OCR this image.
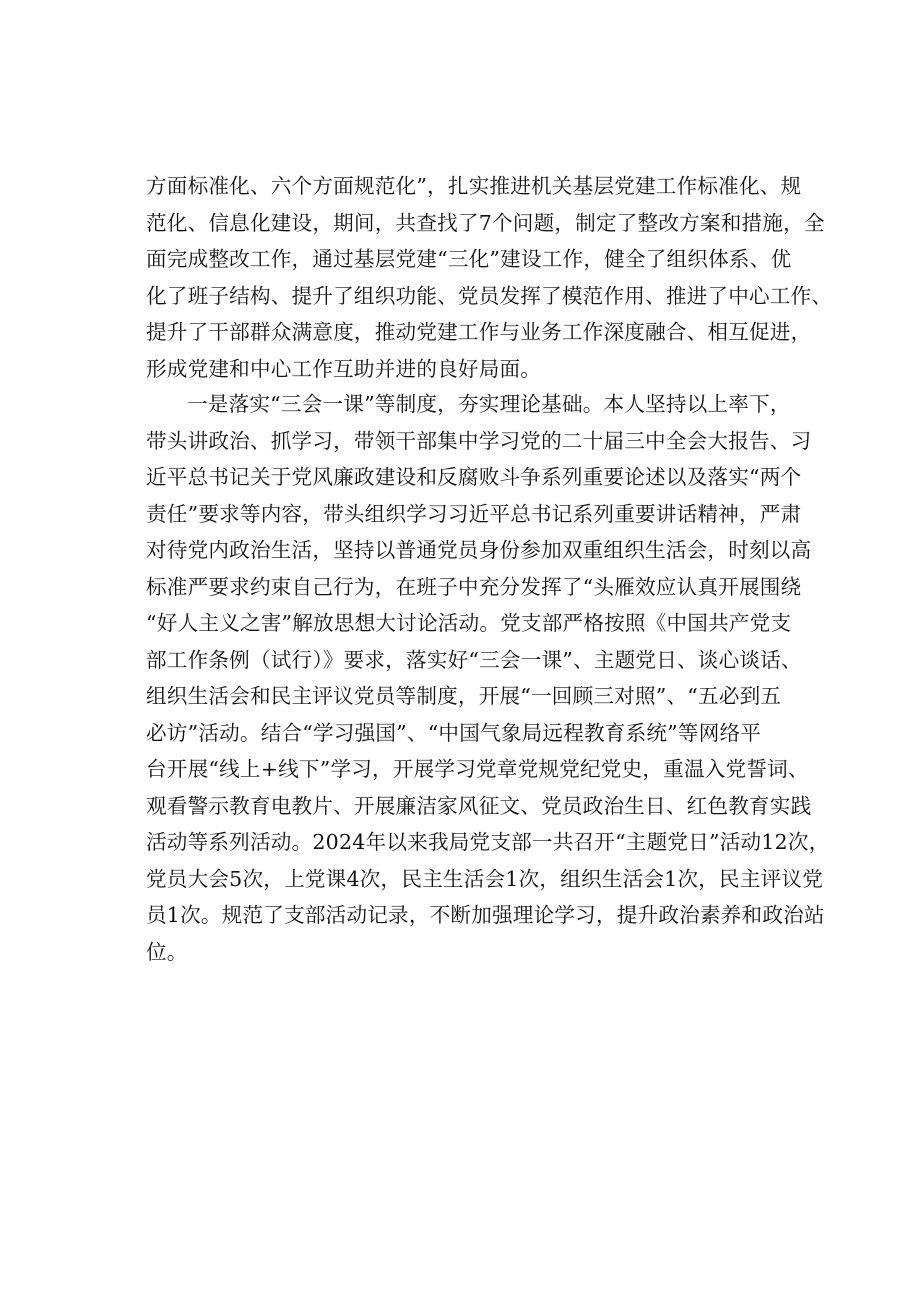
方面标准化、六个方面规范化”，扎实推进机关基层党建工作标准化、规
范化、信息化建设，期间，共查找了7个问题，制定了整改方案和措施，全
面完成整改工作，通过基层党建“三化”建设工作，健全了组织体系、优
化了班子结构、提升了组织功能、党员发挥了模范作用、推进了中心工作、
提升了干部群众满意度，推动党建工作与业务工作深度融合、相互促进，
形成党建和中心工作互助并进的良好局面。
一是落实“三会一课”等制度，夯实理论基础。本人坚持以上率下，
带头讲政治、抓学习，带领干部集中学习党的二十届三中全会大报告、习
近平总书记关于党风廉政建设和反腐败斗争系列重要论述以及落实“两个
责任”要求等内容，带头组织学习习近平总书记系列重要讲话精神，严肃
对待党内政治生活，坚持以普通党员身份参加双重组织生活会，时刻以高
标准严要求约束自己行为，在班子中充分发挥了“头雁效应认真开展围绕
“好人主义之害”解放思想大讨论活动。党支部严格按照《中国共产党支
部工作条例（试行）》要求，落实好“三会一课”、主题党日、谈心谈话、
组织生活会和民主评议党员等制度，开展“一回顾三对照”、“五必到五
必访”活动。结合“学习强国”、“中国气象局远程教育系统”等网络平
台开展“线上+线下”学习，开展学习党章党规党纪党史，重温入党誓词、
观看警示教育电教片、开展廉洁家风征文、党员政治生日、红色教育实践
活动等系列活动。2024年以来我局党支部一共召开“主题党日”活动12次，
党员大会5次，上党课4次，民主生活会1次，组织生活会1次，民主评议党
员1次。规范了支部活动记录，不断加强理论学习，提升政治素养和政治站
位。
